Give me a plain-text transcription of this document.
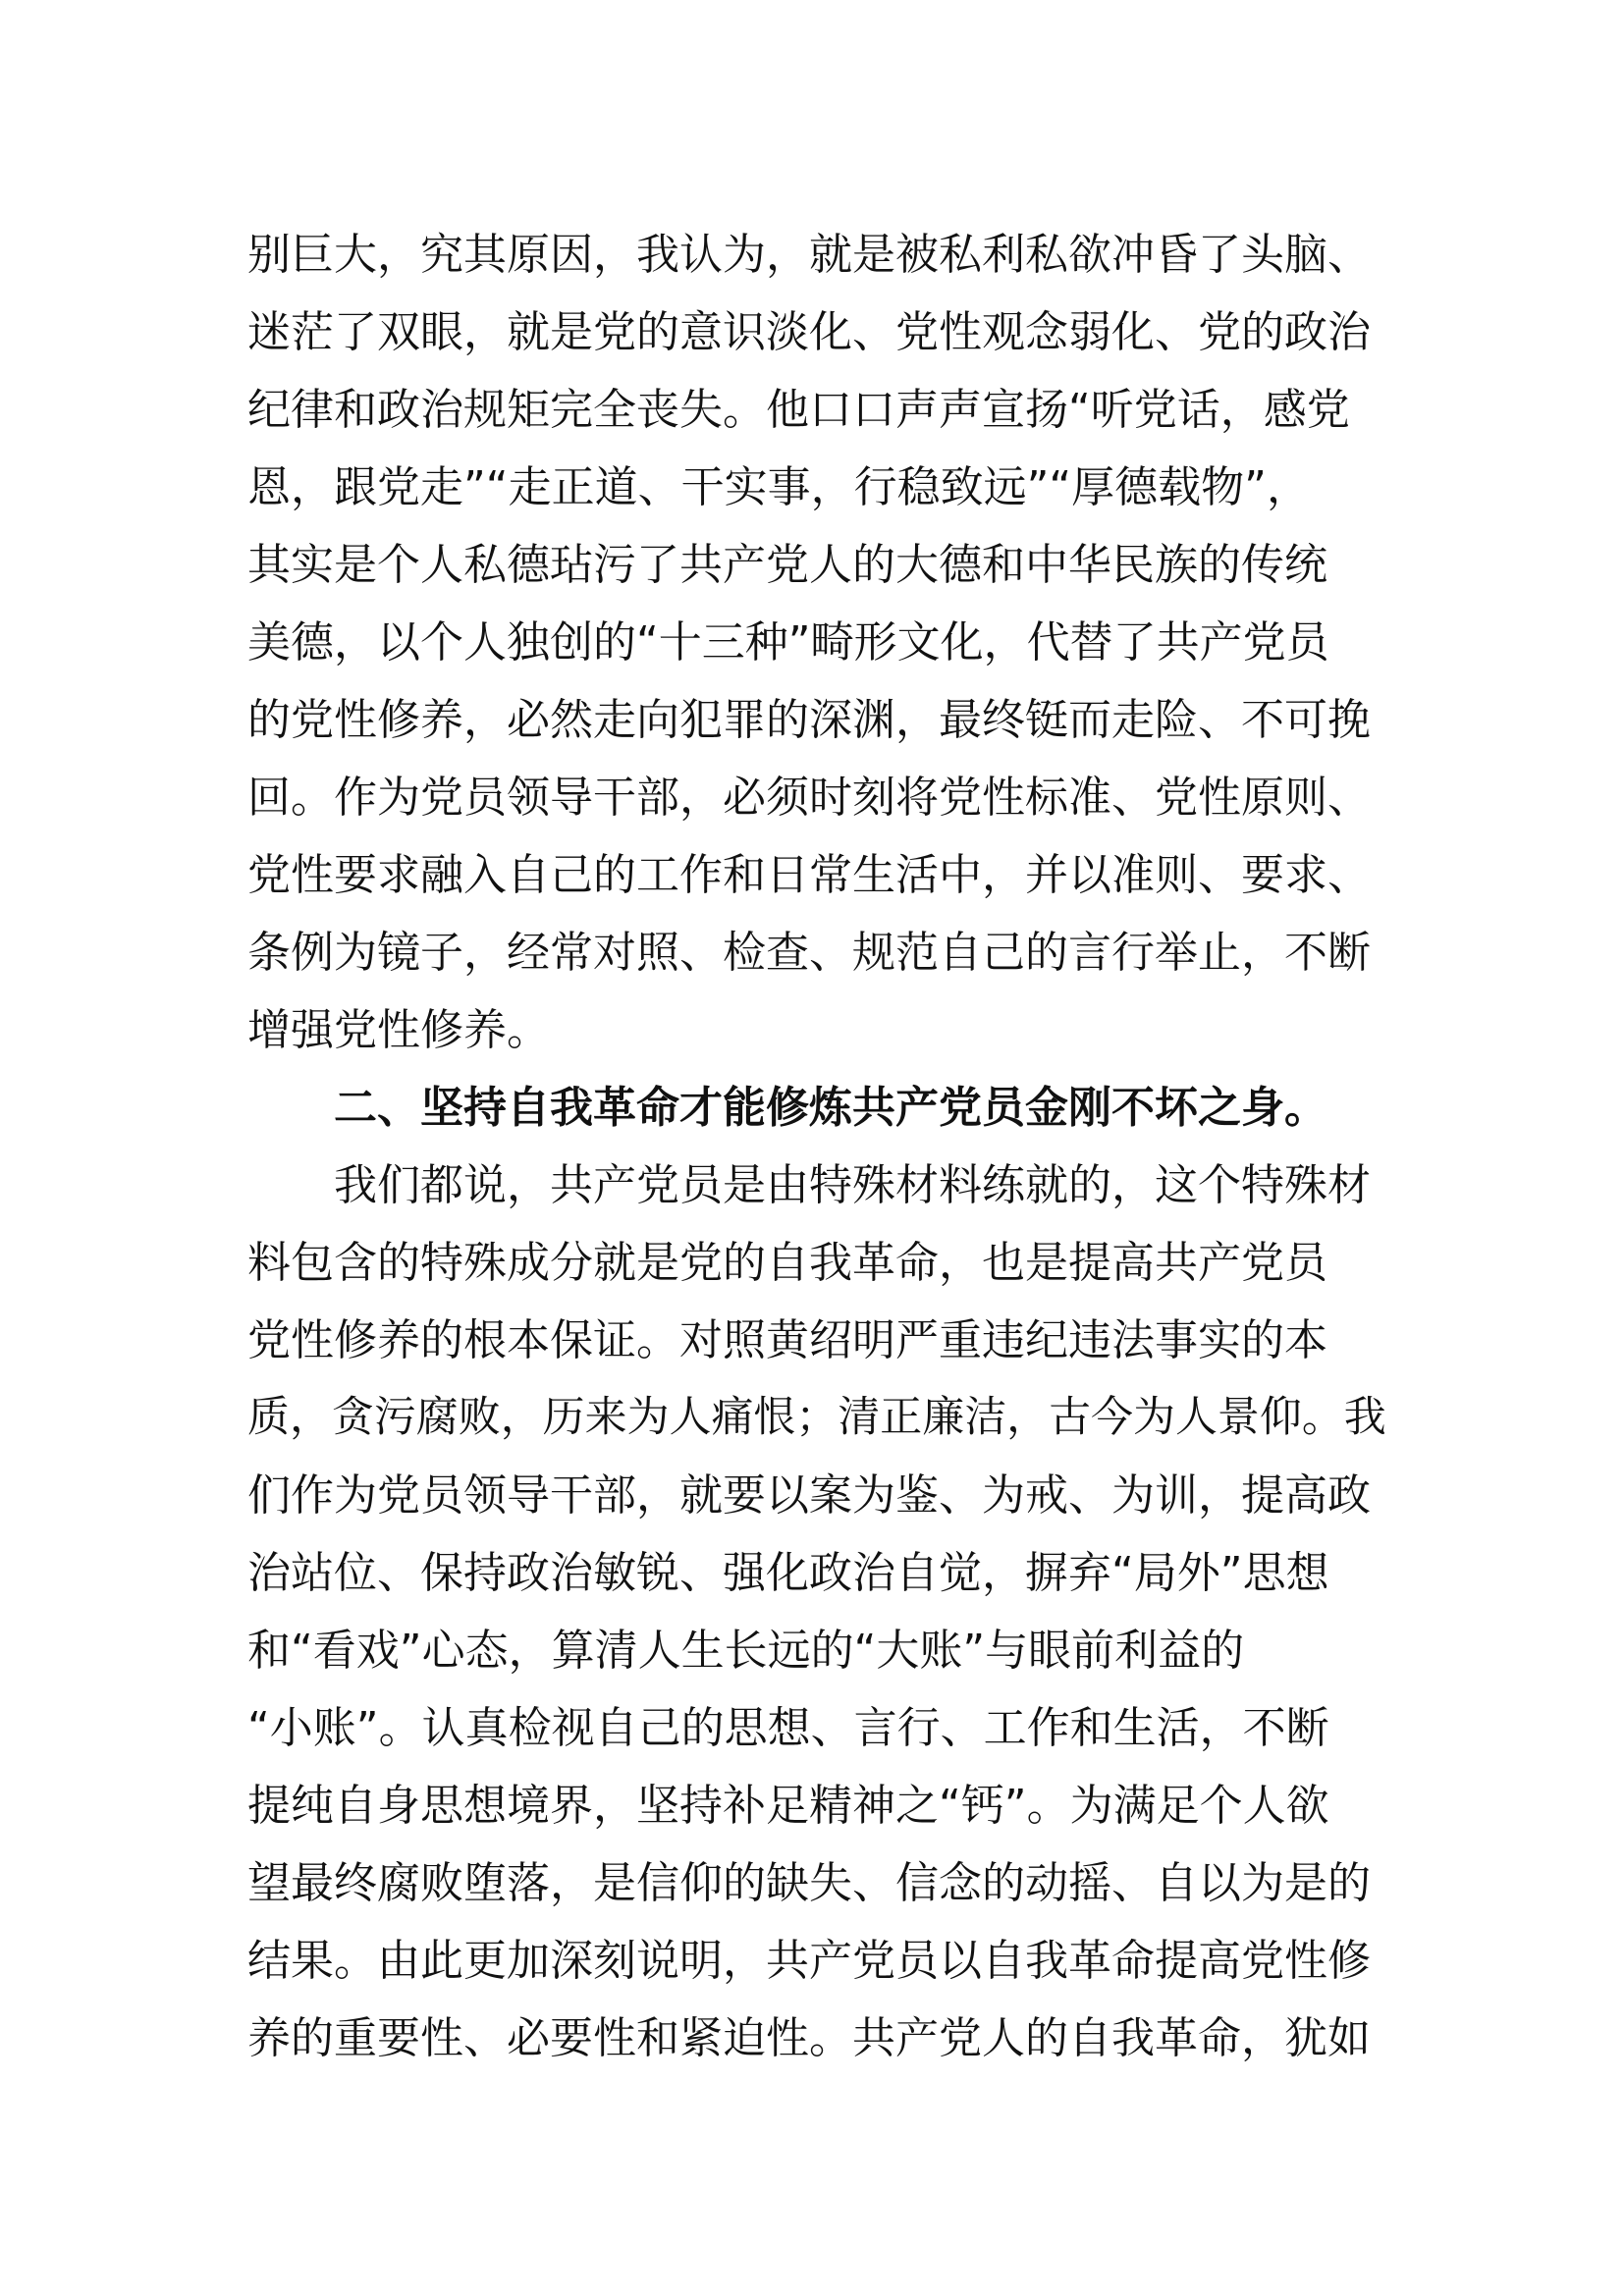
别巨大，究其原因，我认为，就是被私利私欲冲昏了头脑、
迷茫了双眼，就是党的意识淡化、党性观念弱化、党的政治
纪律和政治规矩完全丧失。他口口声声宣扬“听党话，感党
恩，跟党走”“走正道、干实事，行稳致远”“厚德载物”，
其实是个人私德玷污了共产党人的大德和中华民族的传统
美德，以个人独创的“十三种”畸形文化，代替了共产党员
的党性修养，必然走向犯罪的深渊，最终铤而走险、不可挽
回。作为党员领导干部，必须时刻将党性标准、党性原则、
党性要求融入自己的工作和日常生活中，并以准则、要求、
条例为镜子，经常对照、检查、规范自己的言行举止，不断
增强党性修养。
二、坚持自我革命才能修炼共产党员金刚不坏之身。
我们都说，共产党员是由特殊材料练就的，这个特殊材
料包含的特殊成分就是党的自我革命，也是提高共产党员
党性修养的根本保证。对照黄绍明严重违纪违法事实的本
质，贪污腐败，历来为人痛恨；清正廉洁，古今为人景仰。我
们作为党员领导干部，就要以案为鉴、为戒、为训，提高政
治站位、保持政治敏锐、强化政治自觉，摒弃“局外”思想
和“看戏”心态，算清人生长远的“大账”与眼前利益的
“小账”。认真检视自己的思想、言行、工作和生活，不断
提纯自身思想境界，坚持补足精神之“钙”。为满足个人欲
望最终腐败堕落，是信仰的缺失、信念的动摇、自以为是的
结果。由此更加深刻说明，共产党员以自我革命提高党性修
养的重要性、必要性和紧迫性。共产党人的自我革命，犹如
